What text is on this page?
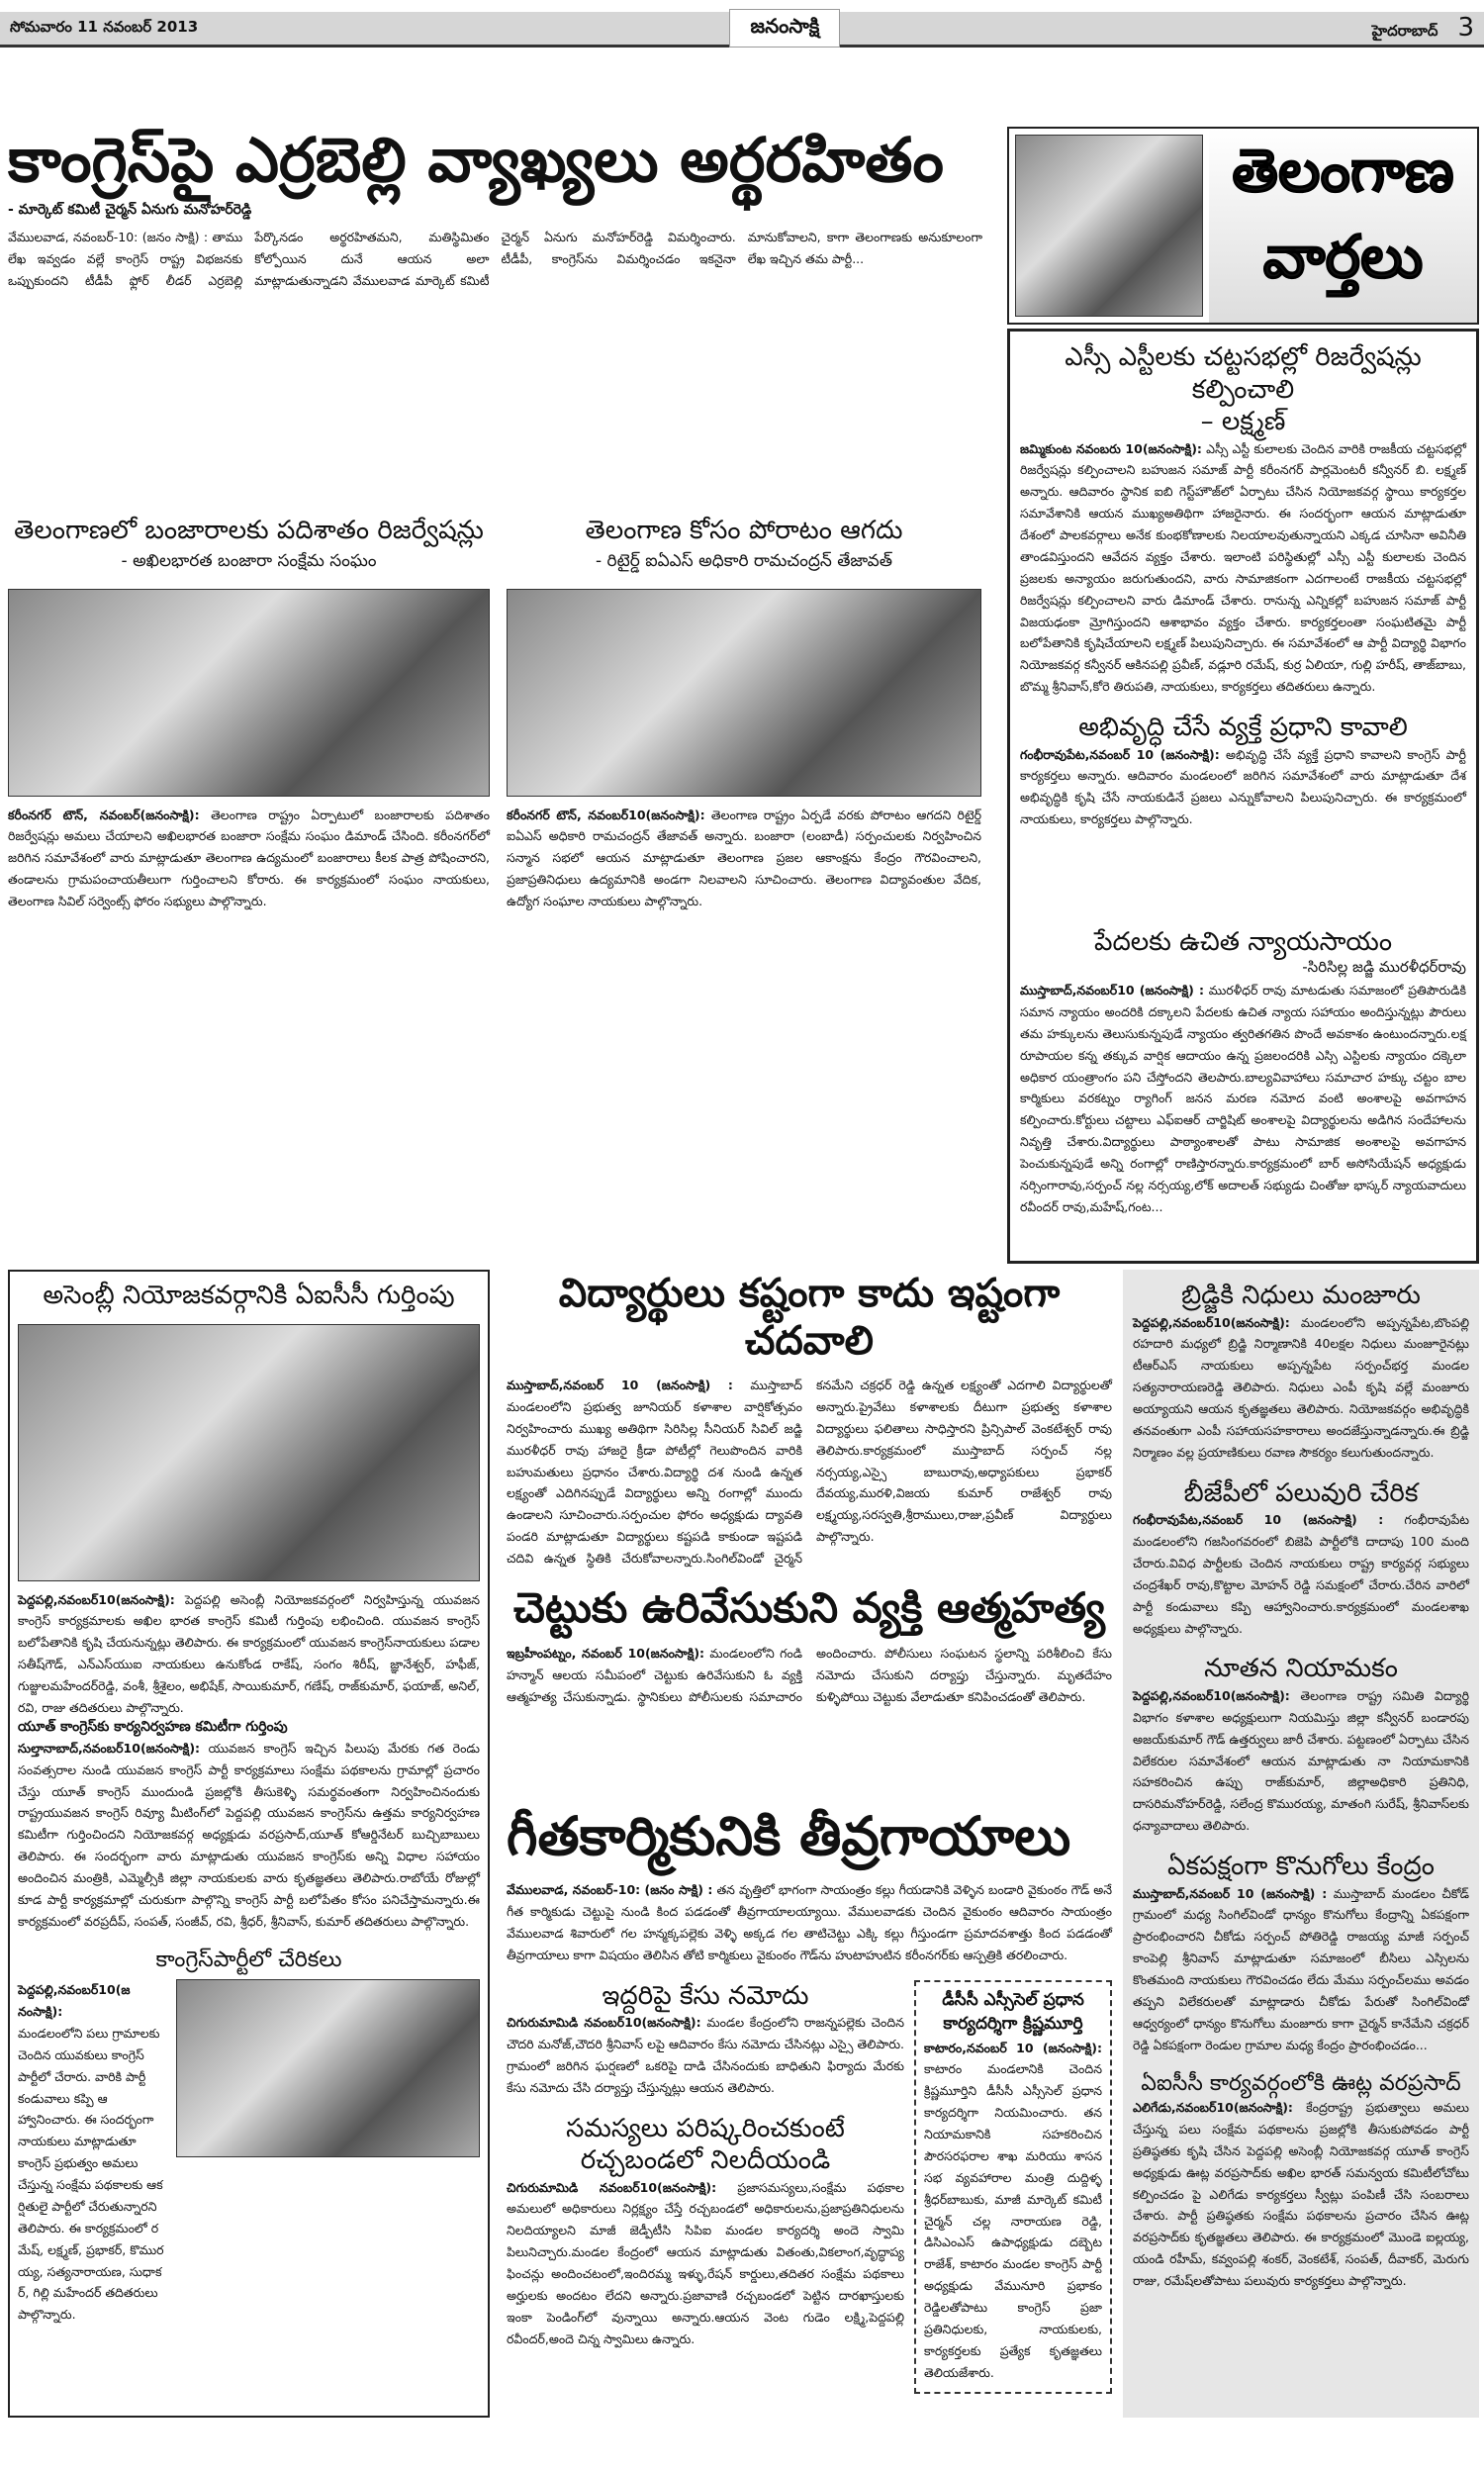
సోమవారం 11 నవంబర్ 2013	జనంసాక్షి	హైదరాబాద్ 3
కాంగ్రెస్‌పై ఎర్రబెల్లి వ్యాఖ్యలు అర్థరహితం
- మార్కెట్ కమిటీ చైర్మన్ ఏనుగు మనోహర్‌రెడ్డి
వేములవాడ, నవంబర్-10: (జనం సాక్షి) : తాము లేఖ ఇవ్వడం వల్లే కాంగ్రెస్ రాష్ట్ర విభజనకు ఒప్పుకుందని టీడీపీ ఫ్లోర్ లీడర్ ఎర్రబెల్లి పేర్కొనడం అర్థరహితమని, మతిస్థిమితం కోల్పోయిన దునే ఆయన అలా మాట్లాడుతున్నాడని వేములవాడ మార్కెట్ కమిటీ చైర్మన్ ఏనుగు మనోహర్‌రెడ్డి విమర్శించారు. టీడీపీ, కాంగ్రెస్‌ను విమర్శించడం ఇకనైనా మానుకోవాలని, కాగా తెలంగాణకు అనుకూలంగా లేఖ ఇచ్చిన తమ పార్టీ...
తెలంగాణ
వార్తలు
ఎస్సీ ఎస్టీలకు చట్టసభల్లో రిజర్వేషన్లు కల్పించాలి
– లక్ష్మణ్
జమ్మికుంట నవంబరు 10(జనంసాక్షి): ఎస్సీ ఎస్టీ కులాలకు చెందిన వారికి రాజకీయ చట్టసభల్లో రిజర్వేషన్లు కల్పించాలని బహుజన సమాజ్ పార్టీ కరీంనగర్ పార్లమెంటరీ కన్వీనర్ బి. లక్ష్మణ్ అన్నారు. ఆదివారం స్థానిక ఐబి గెస్ట్‌హౌజ్‌లో ఏర్పాటు చేసిన నియోజకవర్గ స్థాయి కార్యకర్తల సమావేశానికి ఆయన ముఖ్యఅతిథిగా హాజరైనారు. ఈ సందర్భంగా ఆయన మాట్లాడుతూ దేశంలో పాలకవర్గాలు అనేక కుంభకోణాలకు నిలయాలవుతున్నాయని ఎక్కడ చూసినా అవినీతి తాండవిస్తుందని ఆవేదన వ్యక్తం చేశారు. ఇలాంటి పరిస్థితుల్లో ఎస్సీ ఎస్టీ కులాలకు చెందిన ప్రజలకు అన్యాయం జరుగుతుందని, వారు సామాజికంగా ఎదగాలంటే రాజకీయ చట్టసభల్లో రిజర్వేషన్లు కల్పించాలని వారు డిమాండ్ చేశారు. రానున్న ఎన్నికల్లో బహుజన సమాజ్ పార్టీ విజయఢంకా మ్రోగిస్తుందని ఆశాభావం వ్యక్తం చేశారు. కార్యకర్తలంతా సంఘటితమై పార్టీ బలోపేతానికి కృషిచేయాలని లక్ష్మణ్ పిలుపునిచ్చారు. ఈ సమావేశంలో ఆ పార్టీ విద్యార్థి విభాగం నియోజకవర్గ కన్వీనర్ ఆకినపల్లి ప్రవీణ్, వడ్లూరి రమేష్, కుర్ర ఏలియా, గుల్లి హరీష్, తాజ్‌బాబు, బొమ్మ శ్రీనివాస్,కోరె తిరుపతి, నాయకులు, కార్యకర్తలు తదితరులు ఉన్నారు.
అభివృద్ధి చేసే వ్యక్తే ప్రధాని కావాలి
గంభీరావుపేట,నవంబర్ 10 (జనంసాక్షి): అభివృద్ధి చేసే వ్యక్తే ప్రధాని కావాలని కాంగ్రెస్ పార్టీ కార్యకర్తలు అన్నారు. ఆదివారం మండలంలో జరిగిన సమావేశంలో వారు మాట్లాడుతూ దేశ అభివృద్ధికి కృషి చేసే నాయకుడినే ప్రజలు ఎన్నుకోవాలని పిలుపునిచ్చారు. ఈ కార్యక్రమంలో నాయకులు, కార్యకర్తలు పాల్గొన్నారు.
పేదలకు ఉచిత న్యాయసాయం
-సిరిసిల్ల జడ్జి మురళీధర్‌రావు
ముస్తాబాద్,నవంబర్10 (జనంసాక్షి) : మురళీధర్ రావు మాటడుతు సమాజంలో ప్రతిపౌరుడికి సమాన న్యాయం అందరికి దక్కాలని పేదలకు ఉచిత న్యాయ సహాయం అందిస్తున్నట్లు పౌరులు తమ హక్కులను తెలుసుకున్నపుడే న్యాయం త్వరితగతిన పొందే అవకాశం ఉంటుందన్నారు.లక్ష రూపాయల కన్న తక్కువ వార్షిక ఆదాయం ఉన్న ప్రజలందరికి ఎస్సి ఎస్టిలకు న్యాయం దక్కెలా అధికార యంత్రాంగం పని చేస్తోందని తెలపారు.బాల్యవివాహాలు సమాచార హక్కు చట్టం బాల కార్మికులు వరకట్నం ర్యాగింగ్ జనన మరణ నమోద వంటి అంశాలపై అవగాహన కల్పించారు.కోర్టులు చట్టాలు ఎఫ్ఐఆర్ చార్జిషిట్ అంశాలపై విద్యార్థులను అడిగిన సందేహాలను నివృత్తి చేశారు.విద్యార్థులు పాఠ్యాంశాలతో పాటు సామాజిక అంశాలపై అవగాహన పెంచుకున్నపుడే అన్ని రంగాల్లో రాణిస్తారన్నారు.కార్యక్రమంలో బార్ అసోసియేషన్ అధ్యక్షుడు నర్సింగారావు,సర్పంచ్ నల్ల నర్సయ్య,లోక్ అదాలత్ సభ్యుడు చింతోజు భాస్కర్ న్యాయవాదులు రవీందర్ రావు,మహేష్,గంట...
తెలంగాణలో బంజారాలకు పదిశాతం రిజర్వేషన్లు
- అఖిలభారత బంజారా సంక్షేమ సంఘం
కరీంనగర్ టౌన్, నవంబర్(జనంసాక్షి): తెలంగాణ రాష్ట్రం ఏర్పాటులో బంజారాలకు పదిశాతం రిజర్వేషన్లు అమలు చేయాలని అఖిలభారత బంజారా సంక్షేమ సంఘం డిమాండ్ చేసింది. కరీంనగర్‌లో జరిగిన సమావేశంలో వారు మాట్లాడుతూ తెలంగాణ ఉద్యమంలో బంజారాలు కీలక పాత్ర పోషించారని, తండాలను గ్రామపంచాయతీలుగా గుర్తించాలని కోరారు. ఈ కార్యక్రమంలో సంఘం నాయకులు, తెలంగాణ సివిల్ సర్వెంట్స్ ఫోరం సభ్యులు పాల్గొన్నారు.
తెలంగాణ కోసం పోరాటం ఆగదు
- రిటైర్డ్ ఐఏఎస్ అధికారి రామచంద్రన్ తేజావత్
కరీంనగర్ టౌన్, నవంబర్10(జనంసాక్షి): తెలంగాణ రాష్ట్రం ఏర్పడే వరకు పోరాటం ఆగదని రిటైర్డ్ ఐఏఎస్ అధికారి రామచంద్రన్ తేజావత్ అన్నారు. బంజారా (లంబాడీ) సర్పంచులకు నిర్వహించిన సన్మాన సభలో ఆయన మాట్లాడుతూ తెలంగాణ ప్రజల ఆకాంక్షను కేంద్రం గౌరవించాలని, ప్రజాప్రతినిధులు ఉద్యమానికి అండగా నిలవాలని సూచించారు. తెలంగాణ విద్యావంతుల వేదిక, ఉద్యోగ సంఘాల నాయకులు పాల్గొన్నారు.
అసెంబ్లీ నియోజకవర్గానికి ఏఐసీసీ గుర్తింపు
పెద్దపల్లి,నవంబర్10(జనంసాక్షి): పెద్దపల్లి అసెంబ్లీ నియోజకవర్గంలో నిర్వహిస్తున్న యువజన కాంగ్రెస్ కార్యక్రమాలకు అఖిల భారత కాంగ్రెస్ కమిటీ గుర్తింపు లభించింది. యువజన కాంగ్రెస్ బలోపేతానికి కృషి చేయనున్నట్లు తెలిపారు. ఈ కార్యక్రమంలో యువజన కాంగ్రెస్‌నాయకులు పడాల సతీష్‌గౌడ్, ఎన్ఎస్‌యుఐ నాయకులు ఉనుకోండ రాకేష్, సంగం శిరీష్, జ్ఞానేశ్వర్, హఫీజ్, గుజ్జులమహేందర్‌రెడ్డి, వంశీ, శ్రీశైలం, అభిషేక్, సాయికుమార్, గణేష్, రాజ్‌కుమార్, ఫయాజ్, అనిల్, రవి, రాజు తదితరులు పాల్గొన్నారు.
యూత్ కాంగ్రెస్‌కు కార్యనిర్వహణ కమిటీగా గుర్తింపు
సుల్తానాబాద్,నవంబర్10(జనంసాక్షి): యువజన కాంగ్రెస్ ఇచ్చిన పిలుపు మేరకు గత రెండు సంవత్సరాల నుండి యువజన కాంగ్రెస్ పార్టీ కార్యక్రమాలు సంక్షేమ పథకాలను గ్రామాల్లో ప్రచారం చేస్తు యూత్ కాంగ్రెస్ ముందుండి ప్రజల్లోకి తీసుకెళ్ళి సమర్థవంతంగా నిర్వహించినందుకు రాష్ట్రయువజన కాంగ్రెస్ రివ్యూ మీటింగ్‌లో పెద్దపల్లి యువజన కాంగ్రెస్‌ను ఉత్తమ కార్యనిర్వహణ కమిటీగా గుర్తించిందని నియోజకవర్గ అధ్యక్షుడు వరప్రసాద్,యూత్ కోఆర్డినేటర్ బుచ్చిబాబులు తెలిపారు. ఈ సందర్భంగా వారు మాట్లాడుతు యువజన కాంగ్రెస్‌కు అన్ని విధాల సహాయం అందించిన మంత్రికి, ఎమ్మెల్సీకి జిల్లా నాయకులకు వారు కృతజ్ఞతలు తెలిపారు.రాబోయే రోజుల్లో కూడ పార్టీ కార్యక్రమాల్లో చురుకుగా పాల్గొన్ని కాంగ్రెస్ పార్టీ బలోపేతం కోసం పనిచేస్తామన్నారు.ఈ కార్యక్రమంలో వరప్రదీప్, సంపత్, సంజీవ్, రవి, శ్రీధర్, శ్రీనివాస్, కుమార్ తదితరులు పాల్గొన్నారు.
కాంగ్రెస్‌పార్టీలో చేరికలు
పెద్దపల్లి,నవంబర్10(జనంసాక్షి):
మండలంలోని పలు గ్రామాలకు చెందిన యువకులు కాంగ్రెస్ పార్టీలో చేరారు. వారికి పార్టీ కండువాలు కప్పి ఆహ్వానించారు. ఈ సందర్భంగా నాయకులు మాట్లాడుతూ కాంగ్రెస్ ప్రభుత్వం అమలు చేస్తున్న సంక్షేమ పథకాలకు ఆకర్షితులై పార్టీలో చేరుతున్నారని తెలిపారు. ఈ కార్యక్రమంలో రమేష్, లక్ష్మణ్, ప్రభాకర్, కొమురయ్య, సత్యనారాయణ, సుధాకర్, గిల్లి మహేందర్ తదితరులు పాల్గొన్నారు.
విద్యార్థులు కష్టంగా కాదు ఇష్టంగా చదవాలి
ముస్తాబాద్,నవంబర్ 10 (జనంసాక్షి) : ముస్తాబాద్ మండలంలోని ప్రభుత్వ జూనియర్ కళాశాల వార్షికోత్సవం నిర్వహించారు ముఖ్య అతిథిగా సిరిసిల్ల సీనియర్ సివిల్ జడ్జి మురళీధర్ రావు హాజరై క్రీడా పోటీల్లో గెలుపొందిన వారికి బహుమతులు ప్రధానం చేశారు.విద్యార్థి దశ నుండి ఉన్నత లక్ష్యంతో ఎదిగినప్పుడే విద్యార్థులు అన్ని రంగాల్లో ముందు ఉండాలని సూచించారు.సర్పంచుల ఫోరం అధ్యక్షుడు ద్యావతి పండరి మాట్లాడుతూ విద్యార్థులు కష్టపడి కాకుండా ఇష్టపడి చదివి ఉన్నత స్థితికి చేరుకోవాలన్నారు.సింగిల్‌విండో చైర్మన్ కనమేని చక్రధర్ రెడ్డి ఉన్నత లక్ష్యంతో ఎదగాలి విద్యార్థులతో అన్నారు.ప్రైవేటు కళాశాలకు దీటుగా ప్రభుత్వ కళాశాల విద్యార్థులు ఫలితాలు సాధిస్తారని ప్రిన్సిపాల్ వెంకటేశ్వర్ రావు తెలిపారు.కార్యక్రమంలో ముస్తాబాద్ సర్పంచ్ నల్ల నర్సయ్య,ఎస్సై బాబురావు,అధ్యాపకులు ప్రభాకర్ దేవయ్య,మురళి,విజయ కుమార్ రాజేశ్వర్ రావు లక్ష్మయ్య,సరస్వతి,శ్రీరాములు,రాజు,ప్రవీణ్ విద్యార్థులు పాల్గొన్నారు.
చెట్టుకు ఉరివేసుకుని వ్యక్తి ఆత్మహత్య
ఇబ్రహీంపట్నం, నవంబర్ 10(జనంసాక్షి): మండలంలోని గండి హన్మాన్ ఆలయ సమీపంలో చెట్టుకు ఉరివేసుకుని ఓ వ్యక్తి ఆత్మహత్య చేసుకున్నాడు. స్థానికులు పోలీసులకు సమాచారం అందించారు. పోలీసులు సంఘటన స్థలాన్ని పరిశీలించి కేసు నమోదు చేసుకుని దర్యాప్తు చేస్తున్నారు. మృతదేహం కుళ్ళిపోయి చెట్టుకు వేలాడుతూ కనిపించడంతో తెలిపారు.
గీతకార్మికునికి తీవ్రగాయాలు
వేములవాడ, నవంబర్-10: (జనం సాక్షి) : తన వృత్తిలో భాగంగా సాయంత్రం కల్లు గీయడానికి వెళ్ళిన బండారి వైకుంఠం గౌడ్ అనే గీత కార్మికుడు చెట్టుపై నుండి కింద పడడంతో తీవ్రగాయాలయ్యాయి. వేములవాడకు చెందిన వైకుంఠం ఆదివారం సాయంత్రం వేములవాడ శివారులో గల హన్మక్కపల్లెకు వెళ్ళి అక్కడ గల తాటిచెట్టు ఎక్కి కల్లు గీస్తుండగా ప్రమాదవశాత్తు కింద పడడంతో తీవ్రగాయాలు కాగా విషయం తెలిసిన తోటి కార్మికులు వైకుంఠం గౌడ్‌ను హుటాహుటిన కరీంనగర్‌కు ఆస్పత్రికి తరలించారు.
ఇద్దరిపై కేసు నమోదు
చిగురుమామిడి నవంబర్10(జనంసాక్షి): మండల కేంద్రంలోని రాజన్నపల్లెకు చెందిన చౌదరి మనోజ్,చౌదరి శ్రీనివాస్ లపై ఆదివారం కేసు నమోదు చేసినట్లు ఎస్సై తెలిపారు. గ్రామంలో జరిగిన ఘర్షణలో ఒకరిపై దాడి చేసినందుకు బాధితుని ఫిర్యాదు మేరకు కేసు నమోదు చేసి దర్యాప్తు చేస్తున్నట్లు ఆయన తెలిపారు.
సమస్యలు పరిష్కరించకుంటే రచ్చబండలో నిలదీయండి
చిగురుమామిడి నవంబర్10(జనంసాక్షి): ప్రజాసమస్యలు,సంక్షేమ పథకాల అమలులో అధికారులు నిర్లక్ష్యం చేస్తే రచ్చబండలో అధికారులను,ప్రజాప్రతినిధులను నిలదియ్యాలని మాజీ జెడ్పీటీసి సిపిఐ మండల కార్యదర్శి అందె స్వామి పిలునిచ్చారు.మండల కేంద్రంలో ఆయన మాట్లాడుతు వితంతు,వికలాంగ,వృద్ధాప్య ఫించన్లు అందించటంలో,ఇందిరమ్మ ఇళ్ళు,రేషన్ కార్డులు,తదితర సంక్షేమ పథకాలు అర్హులకు అందటం లేదని అన్నారు.ప్రజావాణి రచ్చబండలో పెట్టిన దారఖాస్తులకు ఇంకా పెండింగ్‌లో వున్నాయి అన్నారు.ఆయన వెంట గుడెం లక్ష్మి,పెద్దపల్లి రవీందర్,అందె చిన్న స్వామిలు ఉన్నారు.
డీసీసీ ఎస్సీసెల్ ప్రధాన కార్యదర్శిగా క్రిష్ణమూర్తి
కాటారం,నవంబర్ 10 (జనంసాక్షి): కాటారం మండలానికి చెందిన క్రిష్ణమూర్తిని డీసీసీ ఎస్సీసెల్ ప్రధాన కార్యదర్శిగా నియమించారు. తన నియామకానికి సహకరించిన పౌరసరఫరాల శాఖ మరియు శాసన సభ వ్యవహారాల మంత్రి దుద్దిళ్ళ శ్రీధర్‌బాబుకు, మాజీ మార్కెట్ కమిటీ చైర్మన్ చల్ల నారాయణ రెడ్డి, డిసిఎంఎస్ ఉపాధ్యక్షుడు దబ్బెట రాజేశ్, కాటారం మండల కాంగ్రెస్ పార్టీ అధ్యక్షుడు వేమునూరి ప్రభాకం రెడ్డిలతోపాటు కాంగ్రెస్ ప్రజా ప్రతినిధులకు, నాయకులకు, కార్యకర్తలకు ప్రత్యేక కృతజ్ఞతలు తెలియజేశారు.
బ్రిడ్జికి నిధులు మంజూరు
పెద్దపల్లి,నవంబర్10(జనంసాక్షి): మండలంలోని అప్పన్నపేట,బొంపల్లి రహదారి మధ్యలో బ్రిడ్జి నిర్మాణానికి 40లక్షల నిధులు మంజూరైనట్లు టీఆర్‌ఎస్ నాయకులు అప్పన్నపేట సర్పంచ్‌భర్త మండల సత్యనారాయణరెడ్డి తెలిపారు. నిధులు ఎంపీ కృషి వల్లే మంజూరు అయ్యాయని ఆయన కృతజ్ఞతలు తెలిపారు. నియోజకవర్గం అభివృద్ధికి తనవంతుగా ఎంపీ సహాయసహకారాలు అందజేస్తున్నాడన్నారు.ఈ బ్రిడ్జి నిర్మాణం వల్ల ప్రయాణికులు రవాణ సౌకర్యం కలుగుతుందన్నారు.
బీజేపీలో పలువురి చేరిక
గంభీరావుపేట,నవంబర్ 10 (జనంసాక్షి) : గంభీరావుపేట మండలంలోని గజసింగవరంలో బిజెపి పార్టీలోకి దాదాపు 100 మంది చేరారు.వివిధ పార్టీలకు చెందిన నాయకులు రాష్ట్ర కార్యవర్గ సభ్యులు చంద్రశేఖర్ రావు,కొట్టాల మోహన్ రెడ్డి సమక్షంలో చేరారు.చేరిన వారిలో పార్టీ కండువాలు కప్పి ఆహ్వానించారు.కార్యక్రమంలో మండలశాఖ అధ్యక్షులు పాల్గొన్నారు.
నూతన నియామకం
పెద్దపల్లి,నవంబర్10(జనంసాక్షి): తెలంగాణ రాష్ట్ర సమితి విద్యార్థి విభాగం కళాశాల అధ్యక్షులుగా నియమిస్తు జిల్లా కన్వీనర్ బండారపు అజయ్‌కుమార్ గౌడ్ ఉత్తర్వులు జారీ చేశారు. పట్టణంలో ఏర్పాటు చేసిన విలేకరుల సమావేశంలో ఆయన మాట్లాడుతు నా నియామకానికి సహకరించిన ఉప్పు రాజ్‌కుమార్, జిల్లాఅధికారి ప్రతినిధి, దాసరిమనోహర్‌రెడ్డి, సలేంద్ర కొమురయ్య, మాతంగి సురేష్, శ్రీనివాస్‌లకు ధన్యావాదాలు తెలిపారు.
ఏకపక్షంగా కొనుగోలు కేంద్రం
ముస్తాబాద్,నవంబర్ 10 (జనంసాక్షి) : ముస్తాబాద్ మండలం చీకోడ్ గ్రామంలో మధ్య సింగిల్‌విండో ధాన్యం కొనుగోలు కేంద్రాన్ని ఏకపక్షంగా ప్రారంభించారని చీకోడు సర్పంచ్ పోతిరెడ్డి రాజయ్య మాజీ సర్పంచ్ కాంపెల్లి శ్రీనివాస్ మాట్లాడుతూ సమాజంలో బీసిలు ఎస్సిలను కొంతమంది నాయకులు గౌరవించడం లేదు మేము సర్పంచ్‌లము అవడం తప్పని విలేకరులతో మాట్లాడారు చీకోడు పేరుతో సింగిల్‌విండో ఆధ్వర్యంలో ధాన్యం కొనుగోలు మంజూరు కాగా చైర్మన్ కానేమేని చక్రధర్ రెడ్డి ఏకపక్షంగా రెండుల గ్రామాల మధ్య కేంద్రం ప్రారంభించడం...
ఏఐసీసీ కార్యవర్గంలోకి ఊట్ల వరప్రసాద్
ఎలిగేడు,నవంబర్10(జనంసాక్షి): కేంద్రరాష్ట్ర ప్రభుత్వాలు అమలు చేస్తున్న పలు సంక్షేమ పథకాలను ప్రజల్లోకి తీసుకుపోవడం పార్టీ ప్రతిష్ఠతకు కృషి చేసిన పెద్దపల్లి అసెంబ్లీ నియోజకవర్గ యూత్ కాంగ్రెస్ అధ్యక్షుడు ఊట్ల వరప్రసాద్‌కు అఖిల భారత్ సమన్వయ కమిటీలోచోటు కల్పించడం పై ఎలిగేడు కార్యకర్తలు స్వీట్లు పంపిణీ చేసి సంబరాలు చేశారు. పార్టీ ప్రతిష్ఠతకు సంక్షేమ పథకాలను ప్రచారం చేసిన ఊట్ల వరప్రసాద్‌కు కృతజ్ఞతలు తెలిపారు. ఈ కార్యక్రమంలో మొండె ఐల్లయ్య, యండి రహీమ్, కవ్వంపల్లి శంకర్, వెంకటేశ్, సంపత్, దీవాకర్, మెరుగు రాజు, రమేష్‌లతోపాటు పలువురు కార్యకర్తలు పాల్గొన్నారు.
